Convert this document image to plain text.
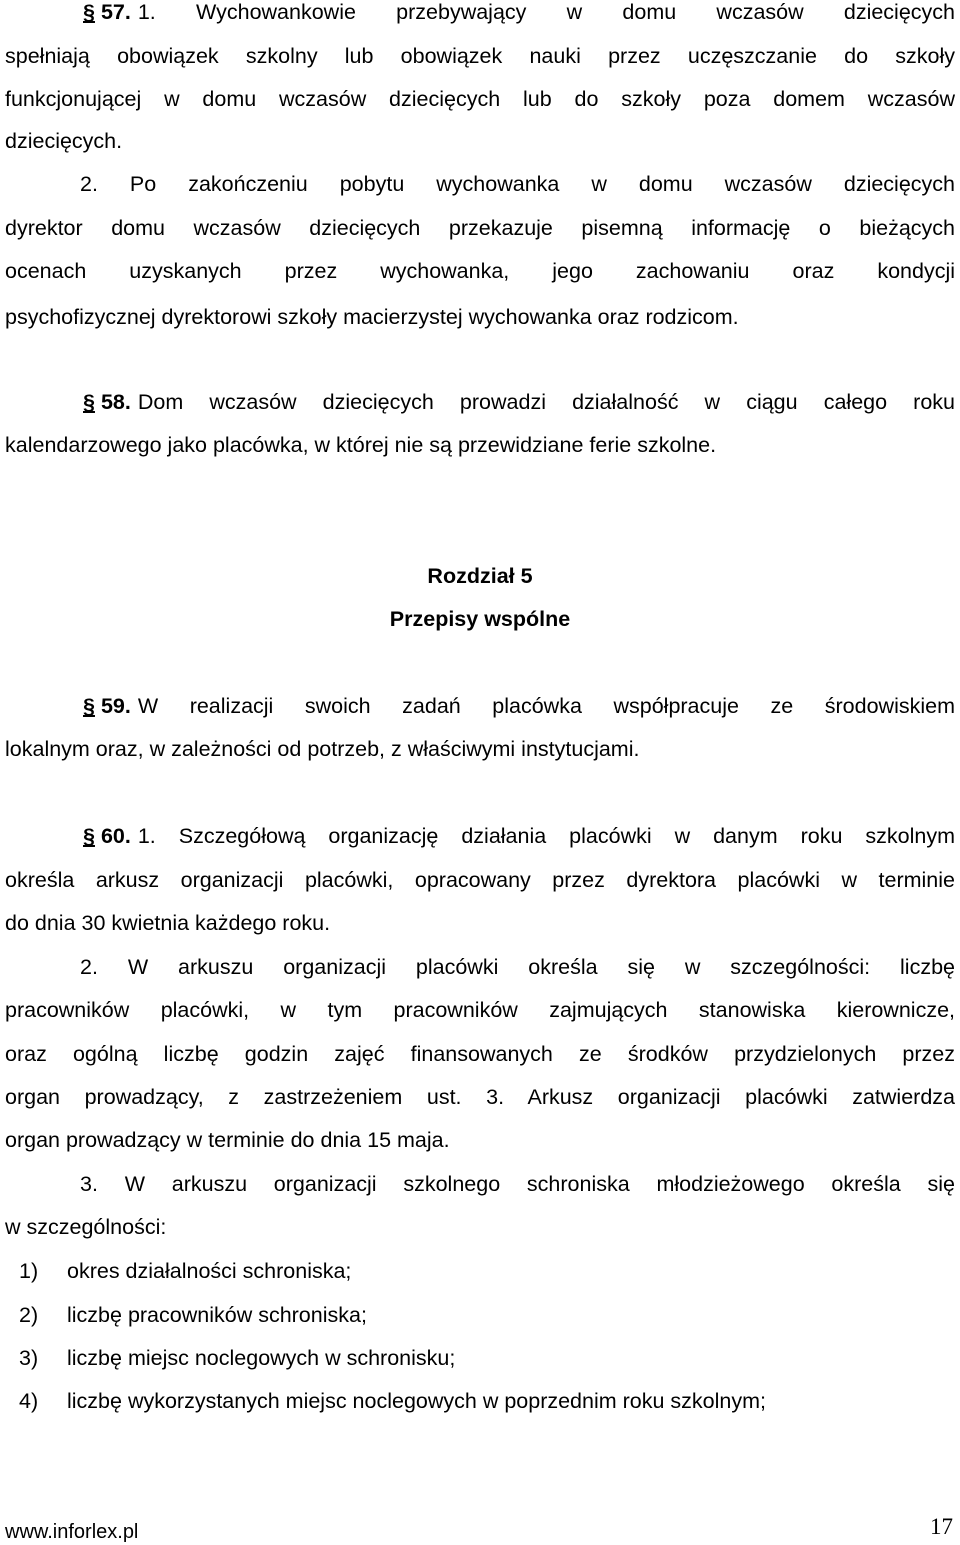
§ 57. 1. Wychowankowie przebywający w domu wczasów dziecięcych
spełniają obowiązek szkolny lub obowiązek nauki przez uczęszczanie do szkoły
funkcjonującej w domu wczasów dziecięcych lub do szkoły poza domem wczasów
dziecięcych.
2. Po zakończeniu pobytu wychowanka w domu wczasów dziecięcych
dyrektor domu wczasów dziecięcych przekazuje pisemną informację o bieżących
ocenach uzyskanych przez wychowanka, jego zachowaniu oraz kondycji
psychofizycznej dyrektorowi szkoły macierzystej wychowanka oraz rodzicom.
§ 58. Dom wczasów dziecięcych prowadzi działalność w ciągu całego roku
kalendarzowego jako placówka, w której nie są przewidziane ferie szkolne.
Rozdział 5
Przepisy wspólne
§ 59. W realizacji swoich zadań placówka współpracuje ze środowiskiem
lokalnym oraz, w zależności od potrzeb, z właściwymi instytucjami.
§ 60. 1. Szczegółową organizację działania placówki w danym roku szkolnym
określa arkusz organizacji placówki, opracowany przez dyrektora placówki w terminie
do dnia 30 kwietnia każdego roku.
2. W arkuszu organizacji placówki określa się w szczególności: liczbę
pracowników placówki, w tym pracowników zajmujących stanowiska kierownicze,
oraz ogólną liczbę godzin zajęć finansowanych ze środków przydzielonych przez
organ prowadzący, z zastrzeżeniem ust. 3. Arkusz organizacji placówki zatwierdza
organ prowadzący w terminie do dnia 15 maja.
3. W arkuszu organizacji szkolnego schroniska młodzieżowego określa się
w szczególności:
1)	okres działalności schroniska;
2)	liczbę pracowników schroniska;
3)	liczbę miejsc noclegowych w schronisku;
4)	liczbę wykorzystanych miejsc noclegowych w poprzednim roku szkolnym;
www.inforlex.pl	17
